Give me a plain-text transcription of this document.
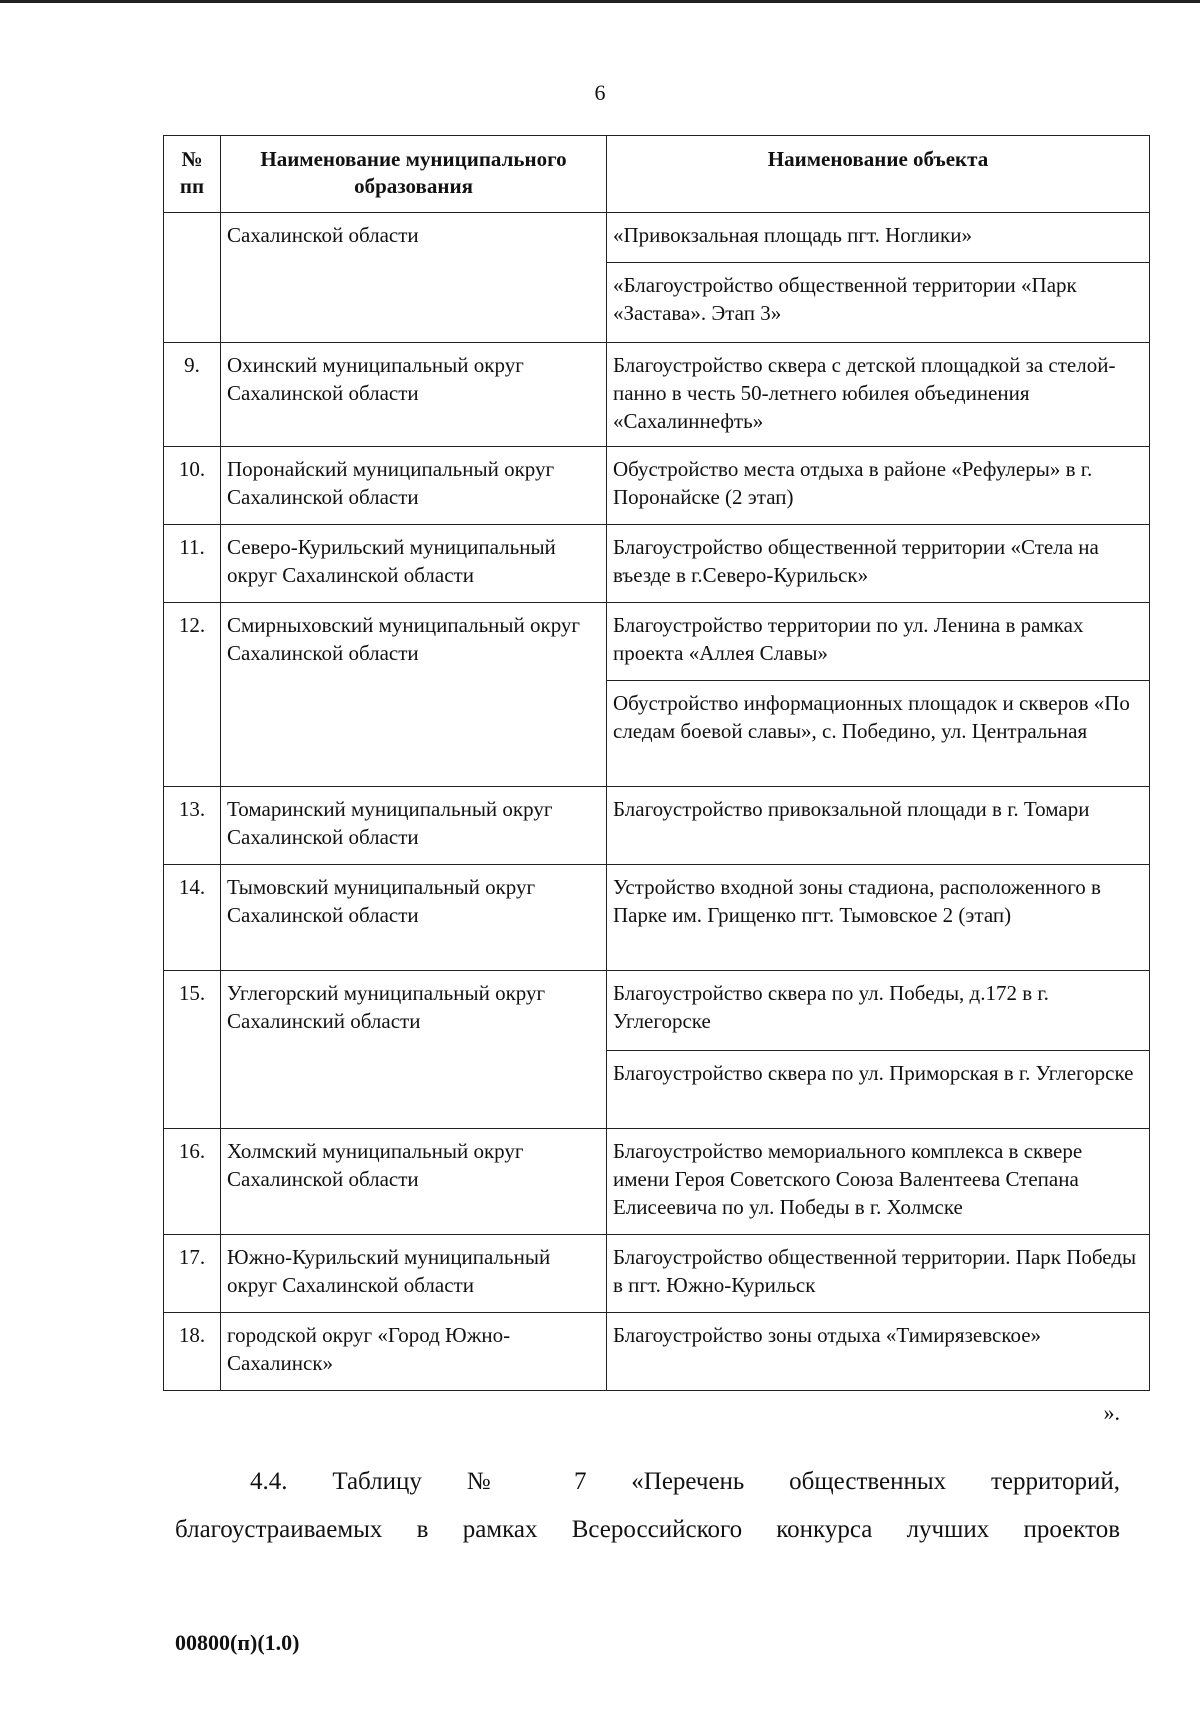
6
№ пп	Наименование муниципального образования	Наименование объекта
	Сахалинской области	«Привокзальная площадь пгт. Ноглики»
		«Благоустройство общественной территории «Парк «Застава». Этап 3»
9.	Охинский муниципальный округ Сахалинской области	Благоустройство сквера с детской площадкой за стелой-панно в честь 50-летнего юбилея объединения «Сахалиннефть»
10.	Поронайский муниципальный округ Сахалинской области	Обустройство места отдыха в районе «Рефулеры» в г. Поронайске (2 этап)
11.	Северо-Курильский муниципальный округ Сахалинской области	Благоустройство общественной территории «Стела на въезде в г.Северо-Курильск»
12.	Смирныховский муниципальный округ Сахалинской области	Благоустройство территории по ул. Ленина в рамках проекта «Аллея Славы»
		Обустройство информационных площадок и скверов «По следам боевой славы», с. Победино, ул. Центральная
13.	Томаринский муниципальный округ Сахалинской области	Благоустройство привокзальной площади в г. Томари
14.	Тымовский муниципальный округ Сахалинской области	Устройство входной зоны стадиона, расположенного в Парке им. Грищенко пгт. Тымовское 2 (этап)
15.	Углегорский муниципальный округ Сахалинский области	Благоустройство сквера по ул. Победы, д.172 в г. Углегорске
		Благоустройство сквера по ул. Приморская в г. Углегорске
16.	Холмский муниципальный округ Сахалинской области	Благоустройство мемориального комплекса в сквере имени Героя Советского Союза Валентеева Степана Елисеевича по ул. Победы в г. Холмске
17.	Южно-Курильский муниципальный округ Сахалинской области	Благоустройство общественной территории. Парк Победы в пгт. Южно-Курильск
18.	городской округ «Город Южно-Сахалинск»	Благоустройство зоны отдыха «Тимирязевское»
».
4.4. Таблицу № 7 «Перечень общественных территорий,
благоустраиваемых в рамках Всероссийского конкурса лучших проектов
00800(п)(1.0)
